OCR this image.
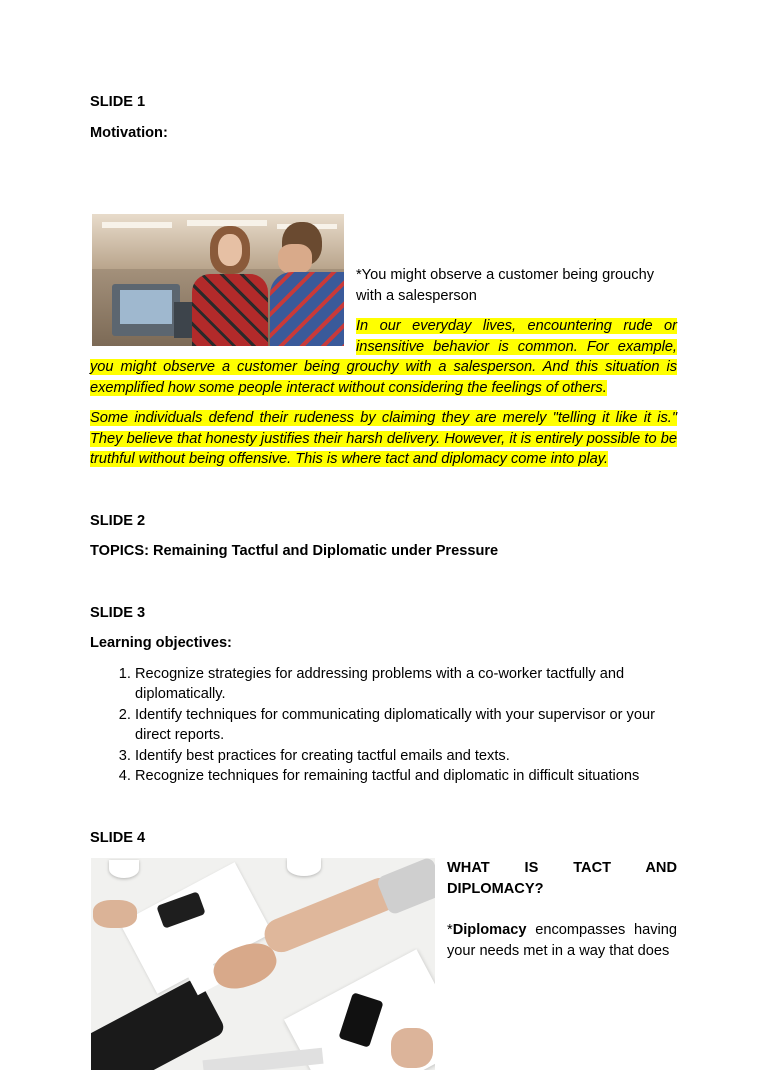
SLIDE 1

Motivation:

*You might observe a customer being grouchy with a salesperson

In our everyday lives, encountering rude or insensitive behavior is common. For example, you might observe a customer being grouchy with a salesperson. And this situation is exemplified how some people interact without considering the feelings of others.

Some individuals defend their rudeness by claiming they are merely "telling it like it is." They believe that honesty justifies their harsh delivery. However, it is entirely possible to be truthful without being offensive. This is where tact and diplomacy come into play.

SLIDE 2

TOPICS: Remaining Tactful and Diplomatic under Pressure

SLIDE 3

Learning objectives:

1. Recognize strategies for addressing problems with a co-worker tactfully and diplomatically.
2. Identify techniques for communicating diplomatically with your supervisor or your direct reports.
3. Identify best practices for creating tactful emails and texts.
4. Recognize techniques for remaining tactful and diplomatic in difficult situations

SLIDE 4

WHAT IS TACT AND DIPLOMACY?

*Diplomacy encompasses having your needs met in a way that does
